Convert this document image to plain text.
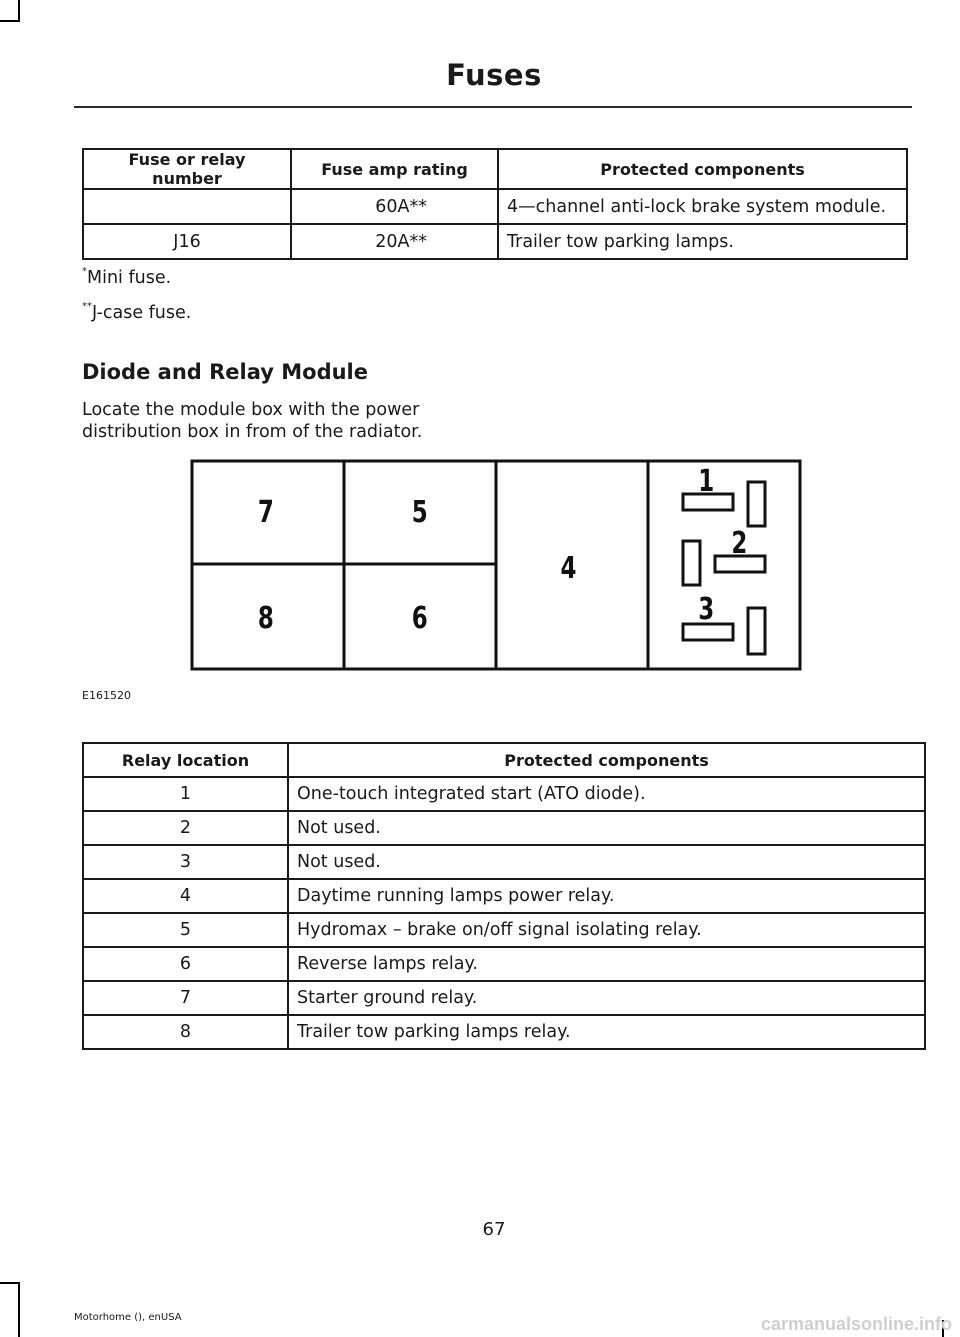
Fuses
Fuse or relay number	Fuse amp rating	Protected components
	60A**	4—channel anti-lock brake system module.
J16	20A**	Trailer tow parking lamps.
*Mini fuse.
**J-case fuse.
Diode and Relay Module
Locate the module box with the power distribution box in from of the radiator.
7	5
8	6
4
1
2
3
E161520
Relay location	Protected components
1	One-touch integrated start (ATO diode).
2	Not used.
3	Not used.
4	Daytime running lamps power relay.
5	Hydromax – brake on/off signal isolating relay.
6	Reverse lamps relay.
7	Starter ground relay.
8	Trailer tow parking lamps relay.
67
Motorhome (), enUSA	carmanualsonline.info
